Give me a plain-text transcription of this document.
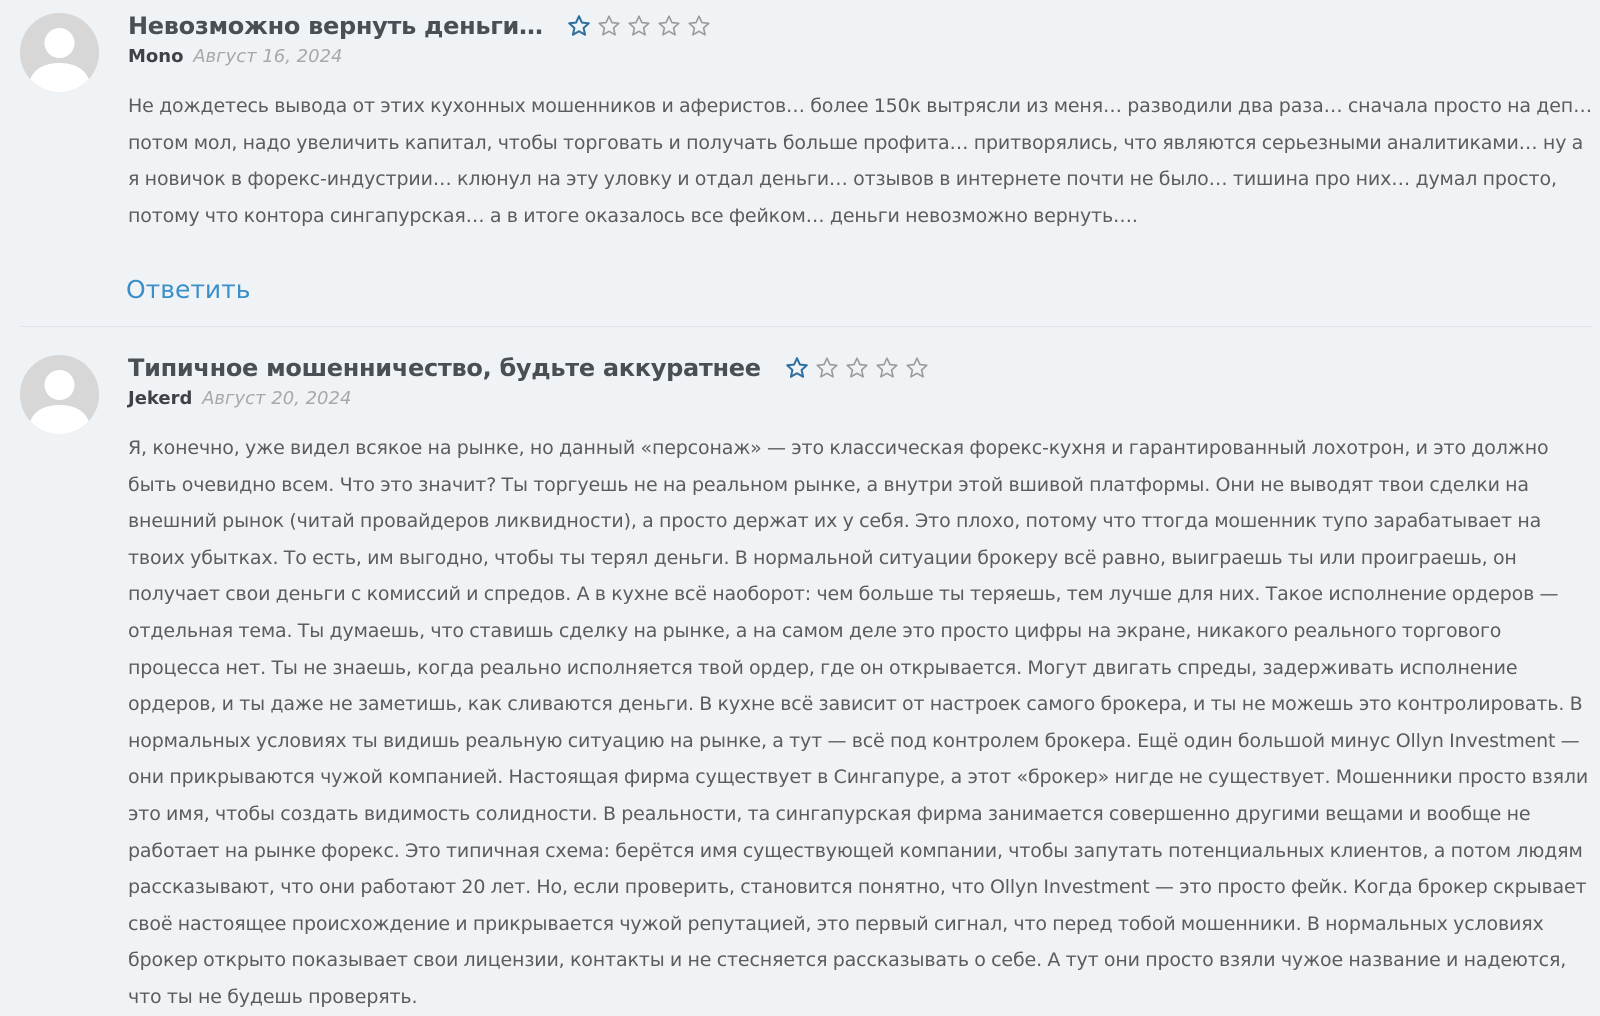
Невозможно вернуть деньги…
Mono Август 16, 2024
Не дождетесь вывода от этих кухонных мошенников и аферистов… более 150к вытрясли из меня… разводили два раза… сначала просто на деп… потом мол, надо увеличить капитал, чтобы торговать и получать больше профита… притворялись, что являются серьезными аналитиками… ну а я новичок в форекс-индустрии… клюнул на эту уловку и отдал деньги… отзывов в интернете почти не было… тишина про них… думал просто, потому что контора сингапурская… а в итоге оказалось все фейком… деньги невозможно вернуть….
Ответить
Типичное мошенничество, будьте аккуратнее
Jekerd Август 20, 2024
Я, конечно, уже видел всякое на рынке, но данный «персонаж» — это классическая форекс-кухня и гарантированный лохотрон, и это должно быть очевидно всем. Что это значит? Ты торгуешь не на реальном рынке, а внутри этой вшивой платформы. Они не выводят твои сделки на внешний рынок (читай провайдеров ликвидности), а просто держат их у себя. Это плохо, потому что ттогда мошенник тупо зарабатывает на твоих убытках. То есть, им выгодно, чтобы ты терял деньги. В нормальной ситуации брокеру всё равно, выиграешь ты или проиграешь, он получает свои деньги с комиссий и спредов. А в кухне всё наоборот: чем больше ты теряешь, тем лучше для них. Такое исполнение ордеров — отдельная тема. Ты думаешь, что ставишь сделку на рынке, а на самом деле это просто цифры на экране, никакого реального торгового процесса нет. Ты не знаешь, когда реально исполняется твой ордер, где он открывается. Могут двигать спреды, задерживать исполнение ордеров, и ты даже не заметишь, как сливаются деньги. В кухне всё зависит от настроек самого брокера, и ты не можешь это контролировать. В нормальных условиях ты видишь реальную ситуацию на рынке, а тут — всё под контролем брокера. Ещё один большой минус Ollyn Investment — они прикрываются чужой компанией. Настоящая фирма существует в Сингапуре, а этот «брокер» нигде не существует. Мошенники просто взяли это имя, чтобы создать видимость солидности. В реальности, та сингапурская фирма занимается совершенно другими вещами и вообще не работает на рынке форекс. Это типичная схема: берётся имя существующей компании, чтобы запутать потенциальных клиентов, а потом людям рассказывают, что они работают 20 лет. Но, если проверить, становится понятно, что Ollyn Investment — это просто фейк. Когда брокер скрывает своё настоящее происхождение и прикрывается чужой репутацией, это первый сигнал, что перед тобой мошенники. В нормальных условиях брокер открыто показывает свои лицензии, контакты и не стесняется рассказывать о себе. А тут они просто взяли чужое название и надеются, что ты не будешь проверять.
